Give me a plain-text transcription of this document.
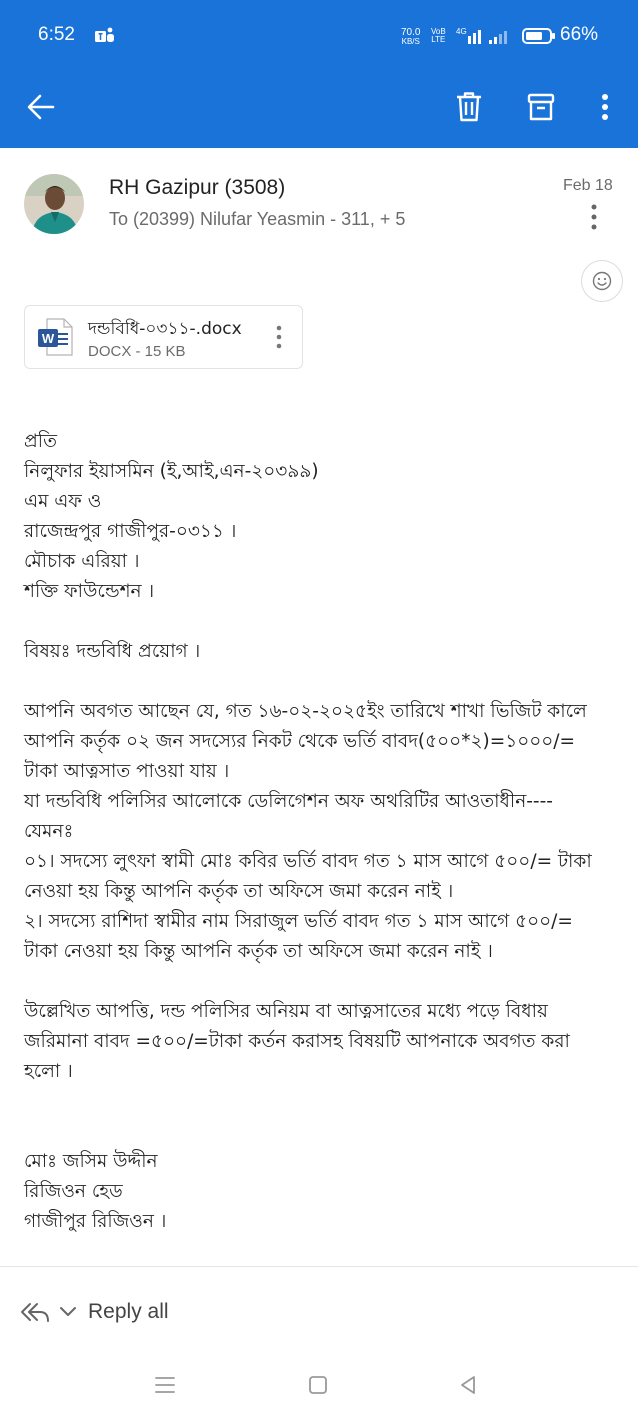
6:52	70.0
KB/S
VoB
LTE
4G	66%
RH Gazipur (3508)
To (20399) Nilufar Yeasmin - 311, + 5
Feb 18
W দন্ডবিধি-০৩১১-.docx
DOCX - 15 KB

প্রতি

নিলুফার ইয়াসমিন (ই,আই,এন-২০৩৯৯)

এম এফ ও

রাজেন্দ্রপুর গাজীপুর-০৩১১ ।

মৌচাক এরিয়া ।

শক্তি ফাউন্ডেশন ।

বিষয়ঃ দন্ডবিধি প্রয়োগ ।

আপনি অবগত আছেন যে, গত ১৬-০২-২০২৫ইং তারিখে শাখা ভিজিট কালে

আপনি কর্তৃক ০২ জন সদস্যের নিকট থেকে ভর্তি বাবদ(৫০০*২)=১০০০/=

টাকা আত্নসাত পাওয়া যায় ।

যা দন্ডবিধি পলিসির আলোকে ডেলিগেশন অফ অথরিটির আওতাধীন----

যেমনঃ

০১। সদস্যে লুৎফা স্বামী মোঃ কবির ভর্তি বাবদ গত ১ মাস আগে ৫০০/= টাকা

নেওয়া হয় কিন্তু আপনি কর্তৃক তা অফিসে জমা করেন নাই ।

২। সদস্যে রাশিদা স্বামীর নাম সিরাজুল ভর্তি বাবদ গত ১ মাস আগে ৫০০/=

টাকা নেওয়া হয় কিন্তু আপনি কর্তৃক তা অফিসে জমা করেন নাই ।

উল্লেখিত আপত্তি, দন্ড পলিসির অনিয়ম বা আত্নসাতের মধ্যে পড়ে বিধায়

জরিমানা বাবদ =৫০০/=টাকা কর্তন করাসহ বিষয়টি আপনাকে অবগত করা

হলো ।

মোঃ জসিম উদ্দীন

রিজিওন হেড

গাজীপুর রিজিওন ।

Reply all
